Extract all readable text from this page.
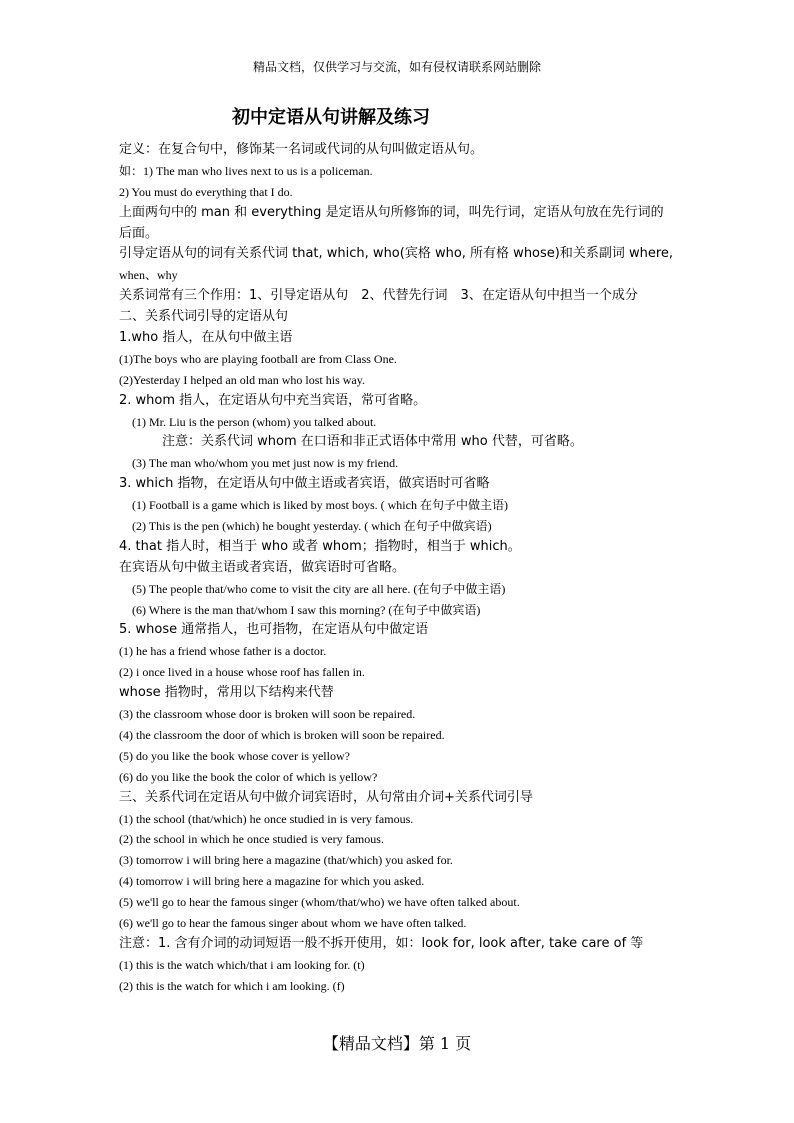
精品文档，仅供学习与交流，如有侵权请联系网站删除
初中定语从句讲解及练习
定义：在复合句中，修饰某一名词或代词的从句叫做定语从句。
如：1) The man who lives next to us is a policeman.
2) You must do everything that I do.
上面两句中的 man 和 everything 是定语从句所修饰的词，叫先行词，定语从句放在先行词的
后面。
引导定语从句的词有关系代词 that, which, who(宾格 who, 所有格 whose)和关系副词 where,
when、why
关系词常有三个作用：1、引导定语从句　2、代替先行词　3、在定语从句中担当一个成分
二、关系代词引导的定语从句
1.who 指人，在从句中做主语
(1)The boys who are playing football are from Class One.
(2)Yesterday I helped an old man who lost his way.
2. whom 指人，在定语从句中充当宾语，常可省略。
(1) Mr. Liu is the person (whom) you talked about.
注意：关系代词 whom 在口语和非正式语体中常用 who 代替，可省略。
(3) The man who/whom you met just now is my friend.
3. which 指物，在定语从句中做主语或者宾语，做宾语时可省略
(1) Football is a game which is liked by most boys. ( which 在句子中做主语)
(2) This is the pen (which) he bought yesterday. ( which 在句子中做宾语)
4. that 指人时，相当于 who 或者 whom；指物时，相当于 which。
在宾语从句中做主语或者宾语，做宾语时可省略。
(5) The people that/who come to visit the city are all here. (在句子中做主语)
(6) Where is the man that/whom I saw this morning? (在句子中做宾语)
5. whose 通常指人，也可指物，在定语从句中做定语
(1) he has a friend whose father is a doctor.
(2) i once lived in a house whose roof has fallen in.
whose 指物时，常用以下结构来代替
(3) the classroom whose door is broken will soon be repaired.
(4) the classroom the door of which is broken will soon be repaired.
(5) do you like the book whose cover is yellow?
(6) do you like the book the color of which is yellow?
三、关系代词在定语从句中做介词宾语时，从句常由介词+关系代词引导
(1) the school (that/which) he once studied in is very famous.
(2) the school in which he once studied is very famous.
(3) tomorrow i will bring here a magazine (that/which) you asked for.
(4) tomorrow i will bring here a magazine for which you asked.
(5) we'll go to hear the famous singer (whom/that/who) we have often talked about.
(6) we'll go to hear the famous singer about whom we have often talked.
注意：1. 含有介词的动词短语一般不拆开使用，如：look for, look after, take care of 等
(1) this is the watch which/that i am looking for. (t)
(2) this is the watch for which i am looking. (f)
【精品文档】第 1 页
